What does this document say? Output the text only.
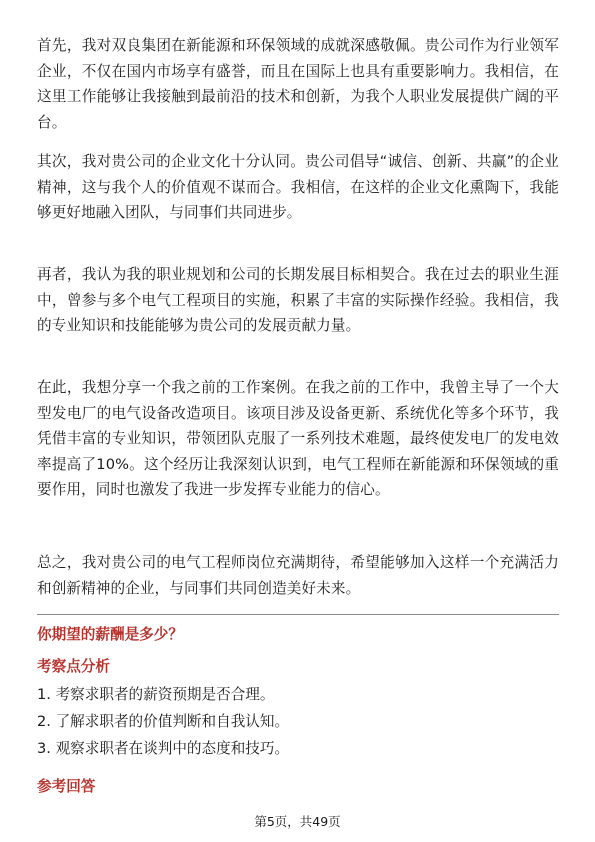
首先，我对双良集团在新能源和环保领域的成就深感敬佩。贵公司作为行业领军企业，不仅在国内市场享有盛誉，而且在国际上也具有重要影响力。我相信，在这里工作能够让我接触到最前沿的技术和创新，为我个人职业发展提供广阔的平台。

其次，我对贵公司的企业文化十分认同。贵公司倡导“诚信、创新、共赢”的企业精神，这与我个人的价值观不谋而合。我相信，在这样的企业文化熏陶下，我能够更好地融入团队，与同事们共同进步。

再者，我认为我的职业规划和公司的长期发展目标相契合。我在过去的职业生涯中，曾参与多个电气工程项目的实施，积累了丰富的实际操作经验。我相信，我的专业知识和技能能够为贵公司的发展贡献力量。

在此，我想分享一个我之前的工作案例。在我之前的工作中，我曾主导了一个大型发电厂的电气设备改造项目。该项目涉及设备更新、系统优化等多个环节，我凭借丰富的专业知识，带领团队克服了一系列技术难题，最终使发电厂的发电效率提高了10%。这个经历让我深刻认识到，电气工程师在新能源和环保领域的重要作用，同时也激发了我进一步发挥专业能力的信心。

总之，我对贵公司的电气工程师岗位充满期待，希望能够加入这样一个充满活力和创新精神的企业，与同事们共同创造美好未来。

你期望的薪酬是多少？

考察点分析

1. 考察求职者的薪资预期是否合理。
2. 了解求职者的价值判断和自我认知。
3. 观察求职者在谈判中的态度和技巧。

参考回答

第5页，共49页
